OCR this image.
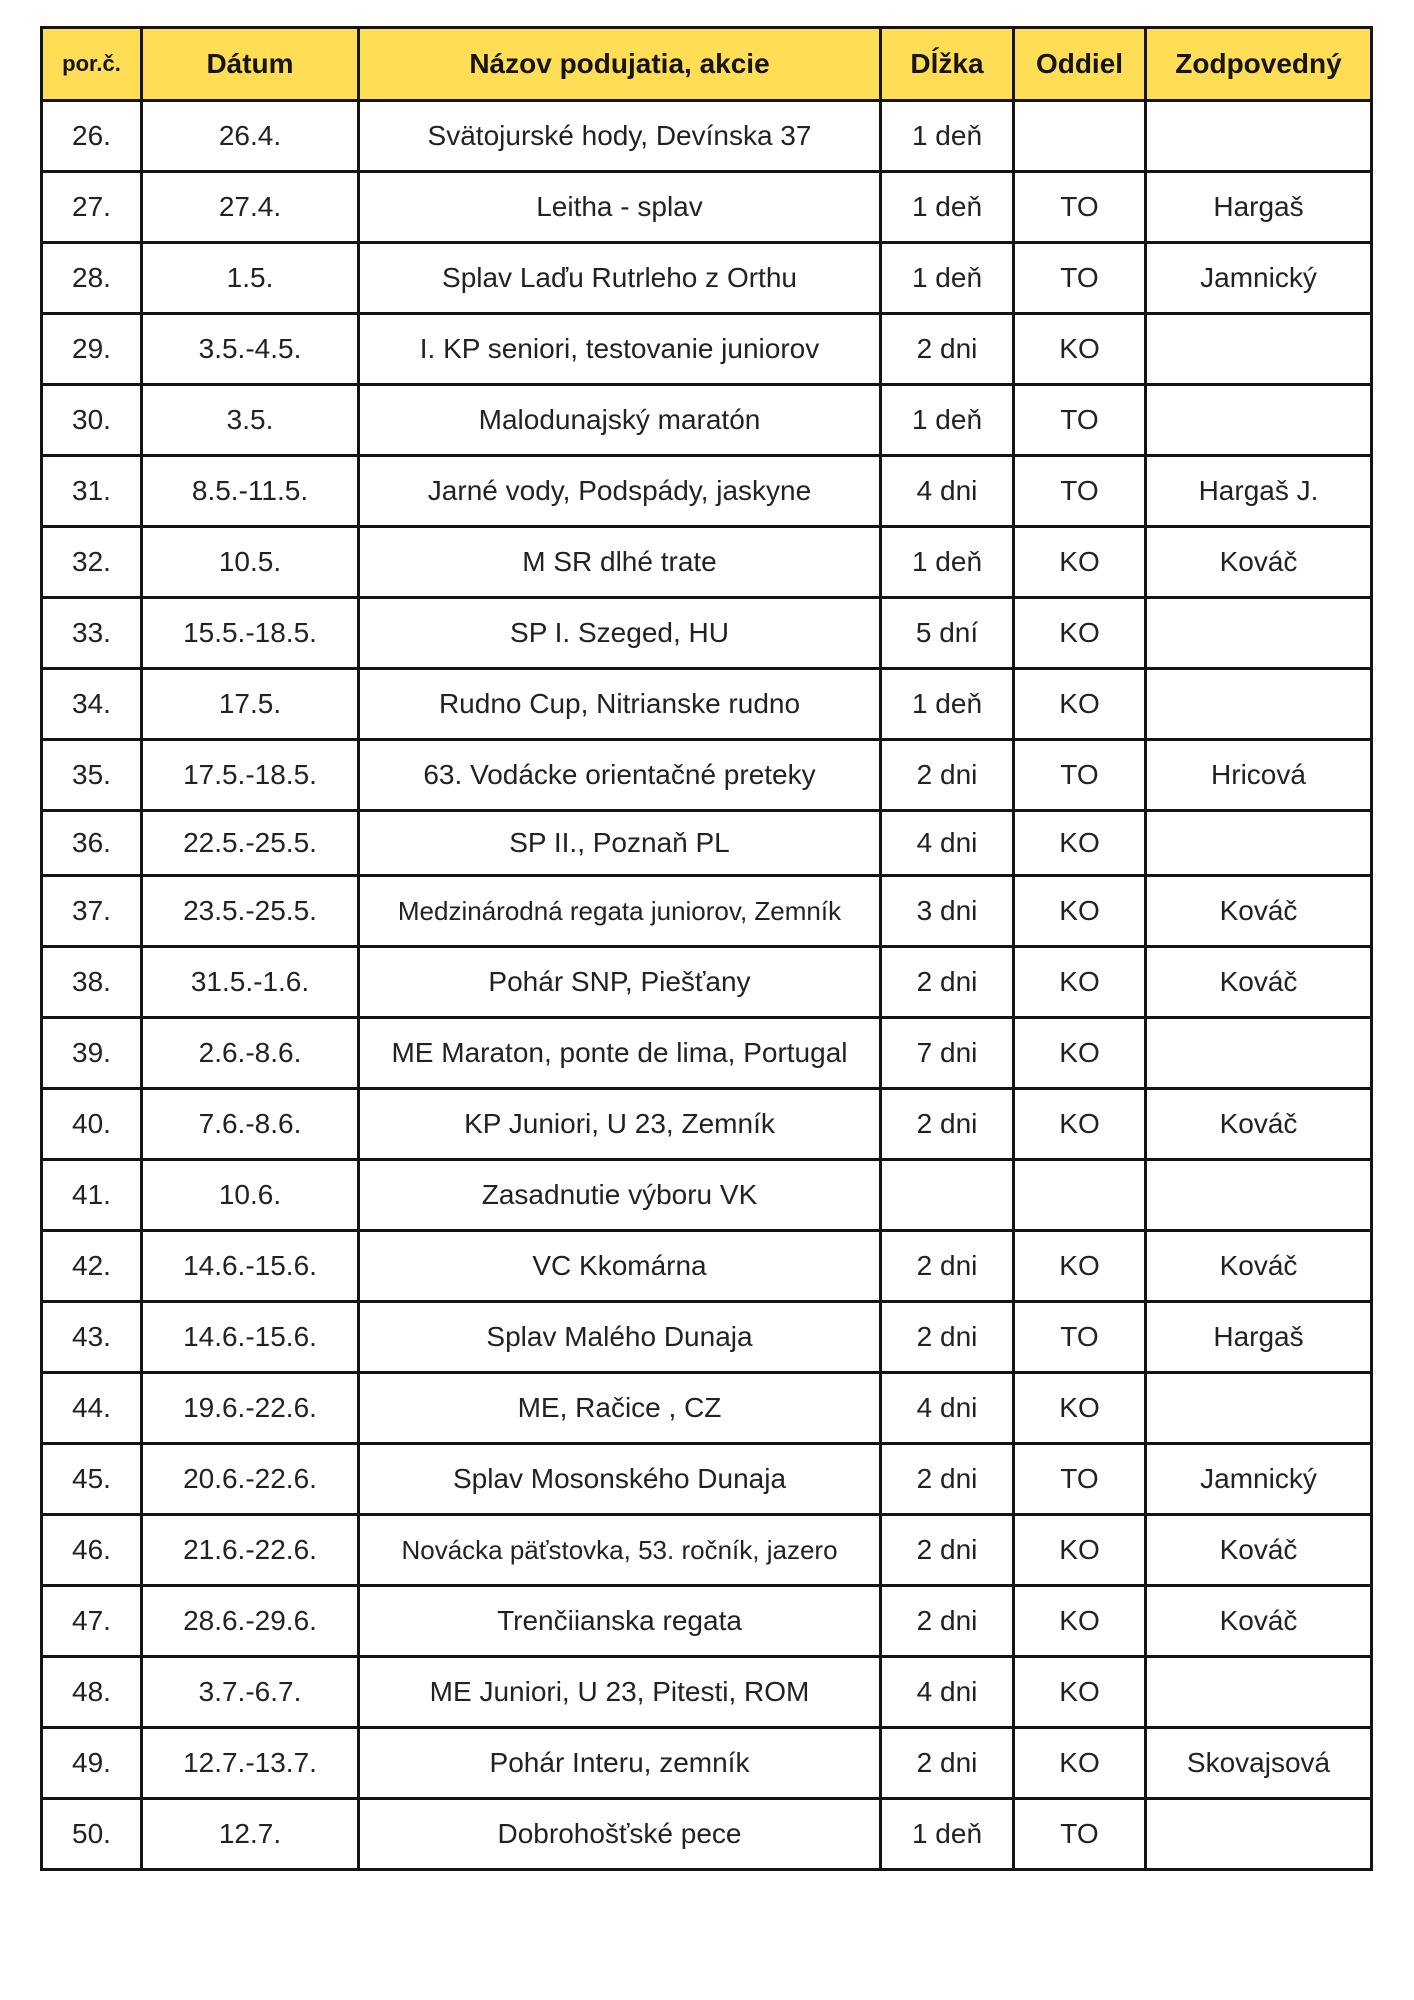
por.č.	Dátum	Názov podujatia, akcie	Dĺžka	Oddiel	Zodpovedný
26.	26.4.	Svätojurské hody, Devínska 37	1 deň		
27.	27.4.	Leitha - splav	1 deň	TO	Hargaš
28.	1.5.	Splav Laďu Rutrleho z Orthu	1 deň	TO	Jamnický
29.	3.5.-4.5.	I. KP seniori, testovanie juniorov	2 dni	KO	
30.	3.5.	Malodunajský maratón	1 deň	TO	
31.	8.5.-11.5.	Jarné vody, Podspády, jaskyne	4 dni	TO	Hargaš J.
32.	10.5.	M SR dlhé trate	1 deň	KO	Kováč
33.	15.5.-18.5.	SP I. Szeged, HU	5 dní	KO	
34.	17.5.	Rudno Cup, Nitrianske rudno	1 deň	KO	
35.	17.5.-18.5.	63. Vodácke orientačné preteky	2 dni	TO	Hricová
36.	22.5.-25.5.	SP II., Poznaň PL	4 dni	KO	
37.	23.5.-25.5.	Medzinárodná regata juniorov, Zemník	3 dni	KO	Kováč
38.	31.5.-1.6.	Pohár SNP, Piešťany	2 dni	KO	Kováč
39.	2.6.-8.6.	ME Maraton, ponte de lima, Portugal	7 dni	KO	
40.	7.6.-8.6.	KP Juniori, U 23, Zemník	2 dni	KO	Kováč
41.	10.6.	Zasadnutie výboru VK			
42.	14.6.-15.6.	VC Kkomárna	2 dni	KO	Kováč
43.	14.6.-15.6.	Splav Malého Dunaja	2 dni	TO	Hargaš
44.	19.6.-22.6.	ME, Račice , CZ	4 dni	KO	
45.	20.6.-22.6.	Splav Mosonského Dunaja	2 dni	TO	Jamnický
46.	21.6.-22.6.	Novácka päťstovka, 53. ročník, jazero	2 dni	KO	Kováč
47.	28.6.-29.6.	Trenčiianska regata	2 dni	KO	Kováč
48.	3.7.-6.7.	ME Juniori, U 23, Pitesti, ROM	4 dni	KO	
49.	12.7.-13.7.	Pohár Interu, zemník	2 dni	KO	Skovajsová
50.	12.7.	Dobrohošťské pece	1 deň	TO	
